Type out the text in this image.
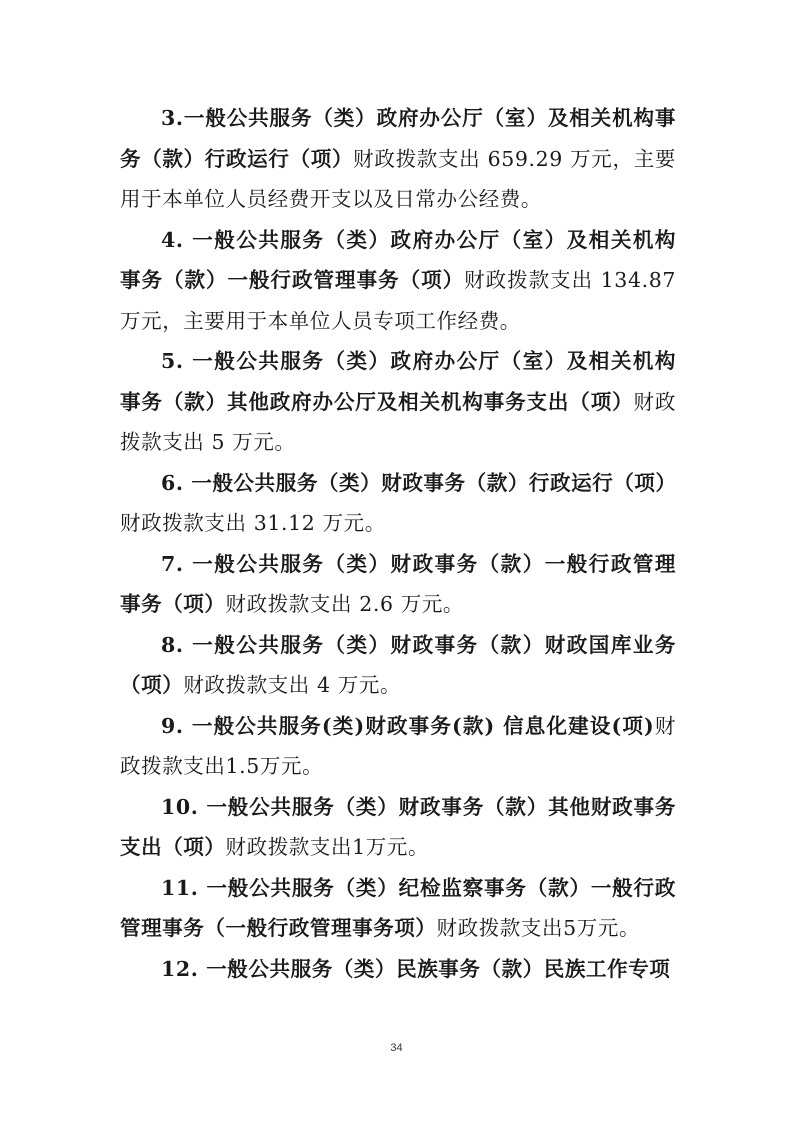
3.一般公共服务（类）政府办公厅（室）及相关机构事务（款）行政运行（项）财政拨款支出 659.29 万元，主要用于本单位人员经费开支以及日常办公经费。

4. 一般公共服务（类）政府办公厅（室）及相关机构事务（款）一般行政管理事务（项）财政拨款支出 134.87 万元，主要用于本单位人员专项工作经费。

5. 一般公共服务（类）政府办公厅（室）及相关机构事务（款）其他政府办公厅及相关机构事务支出（项）财政拨款支出 5 万元。

6. 一般公共服务（类）财政事务（款）行政运行（项）财政拨款支出 31.12 万元。

7. 一般公共服务（类）财政事务（款）一般行政管理事务（项）财政拨款支出 2.6 万元。

8. 一般公共服务（类）财政事务（款）财政国库业务（项）财政拨款支出 4 万元。

9. 一般公共服务(类)财政事务(款) 信息化建设(项)财政拨款支出1.5万元。

10. 一般公共服务（类）财政事务（款）其他财政事务支出（项）财政拨款支出1万元。

11. 一般公共服务（类）纪检监察事务（款）一般行政管理事务（一般行政管理事务项）财政拨款支出5万元。

12. 一般公共服务（类）民族事务（款）民族工作专项

34
